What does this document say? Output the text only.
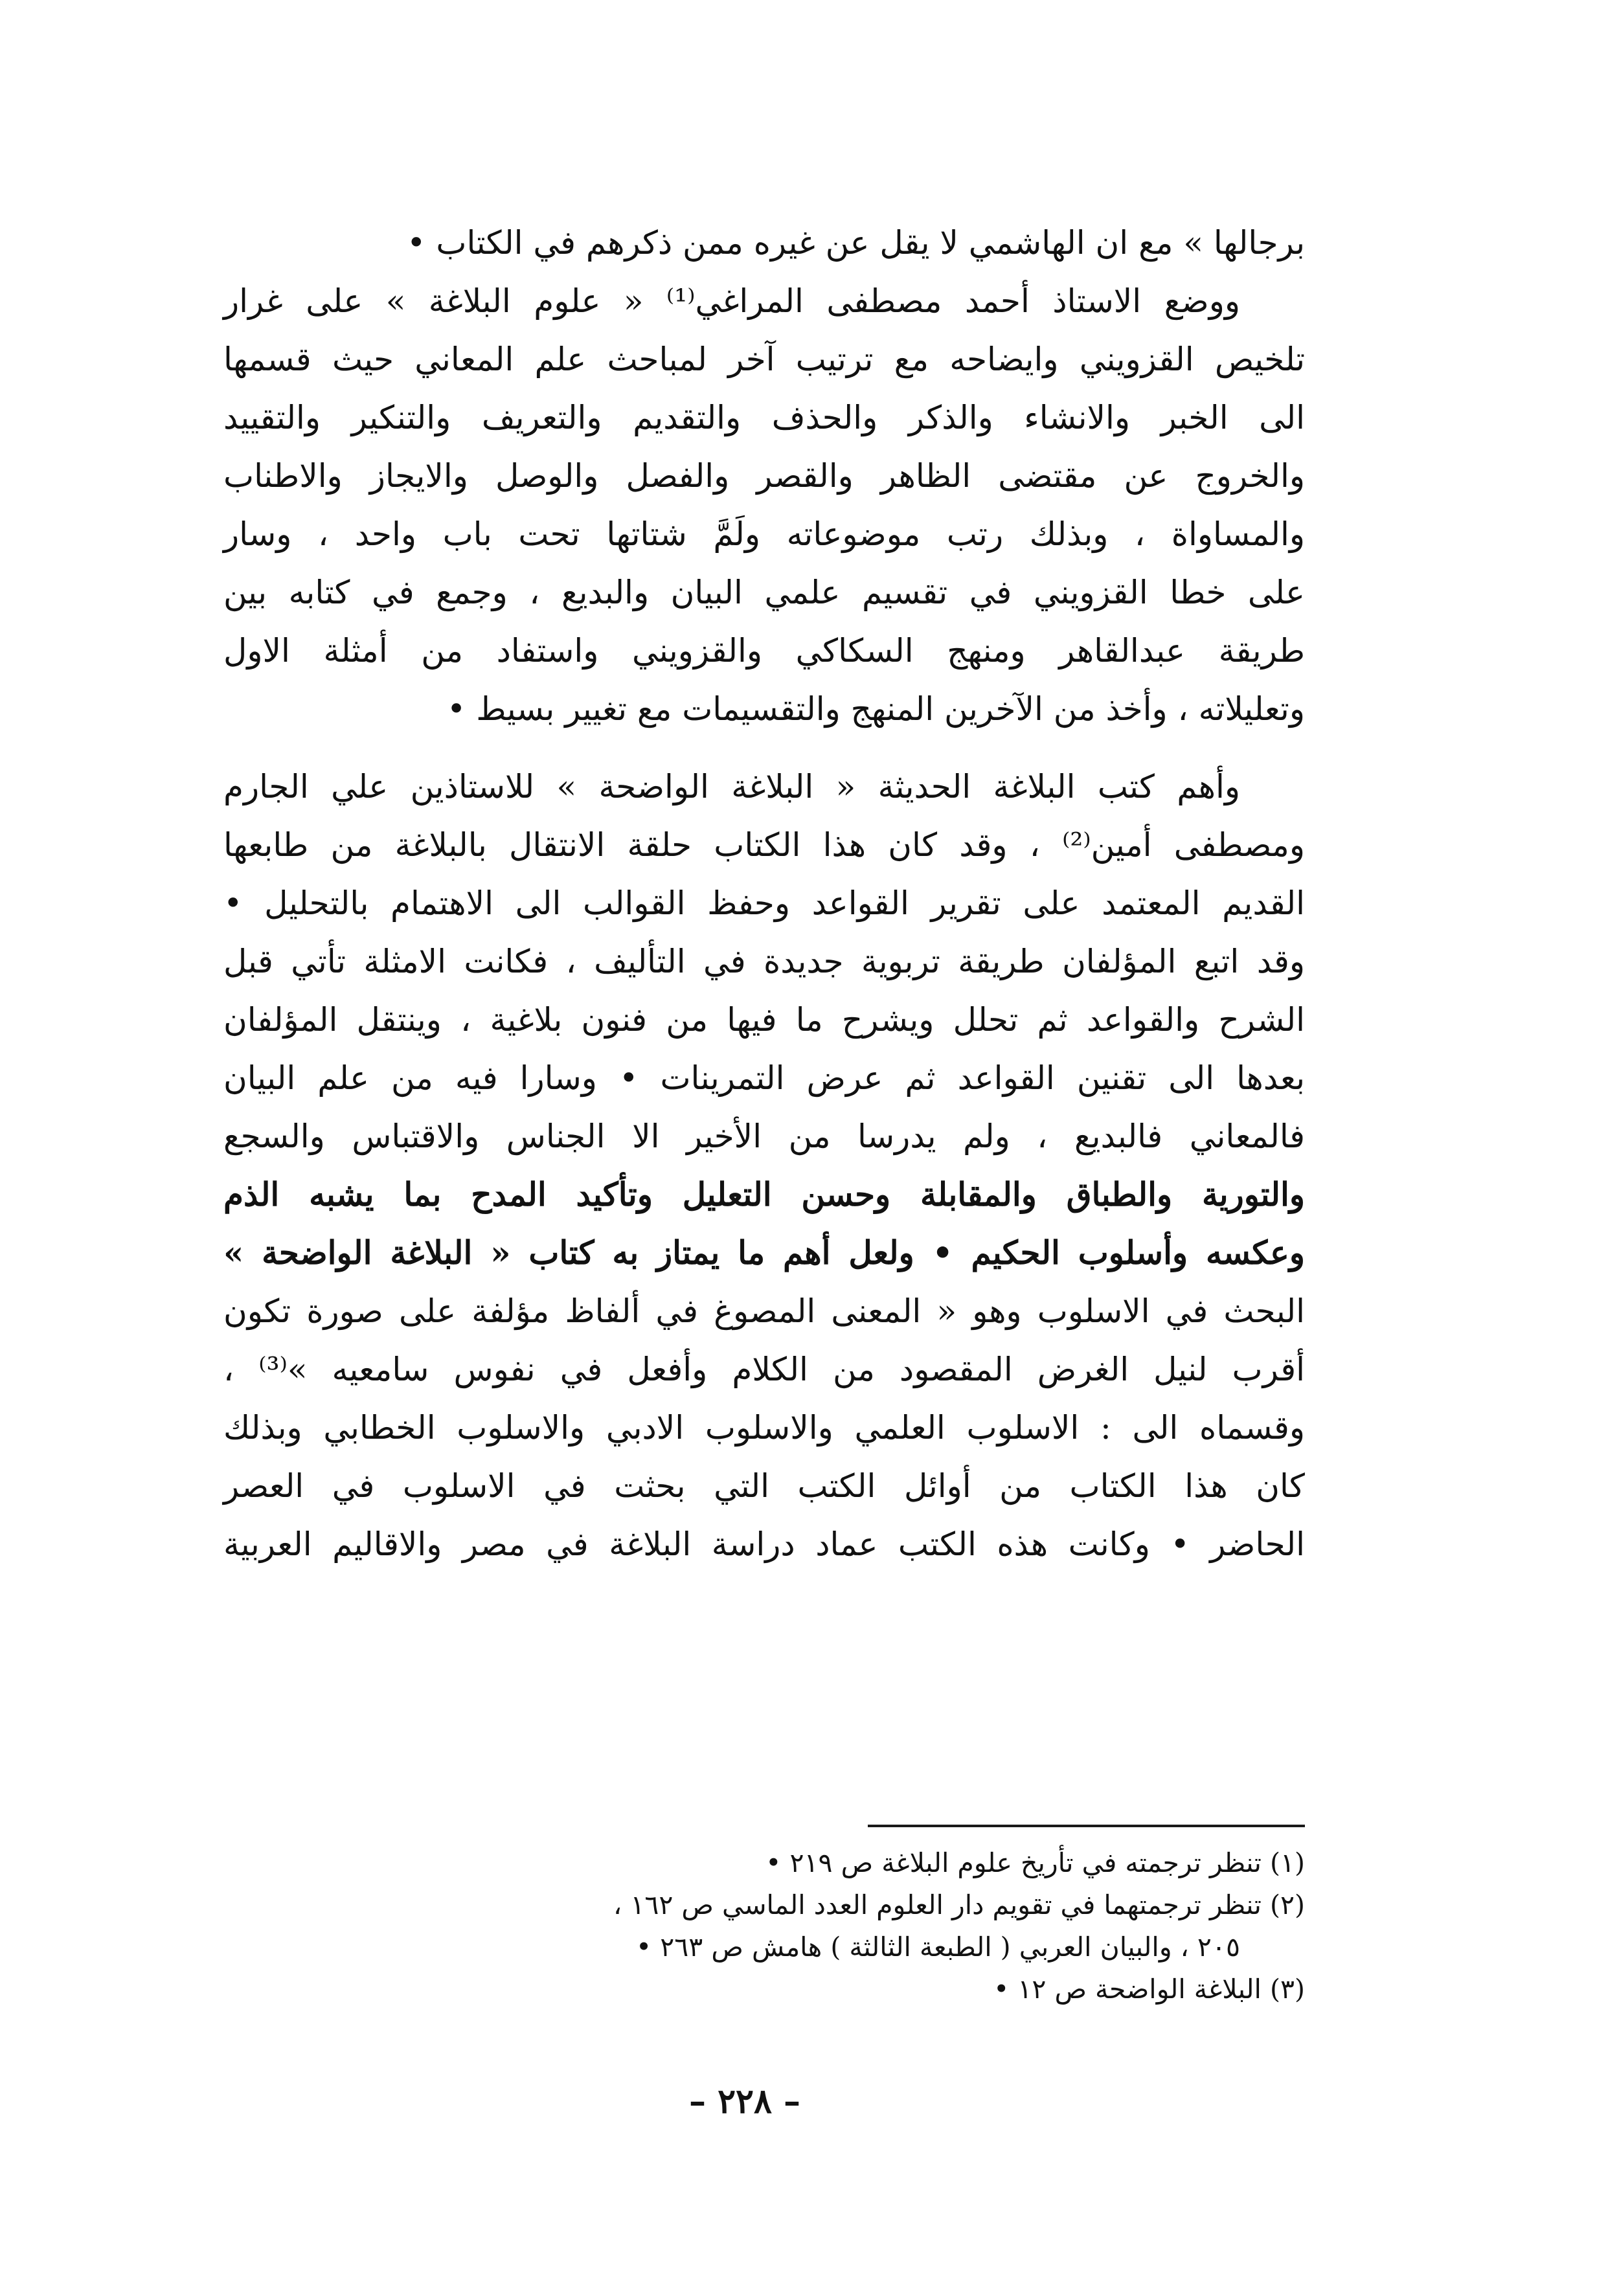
برجالها » مع ان الهاشمي لا يقل عن غيره ممن ذكرهم في الكتاب •
ووضع الاستاذ أحمد مصطفى المراغي⁽¹⁾ « علوم البلاغة » على غرار
تلخيص القزويني وايضاحه مع ترتيب آخر لمباحث علم المعاني حيث قسمها
الى الخبر والانشاء والذكر والحذف والتقديم والتعريف والتنكير والتقييد
والخروج عن مقتضى الظاهر والقصر والفصل والوصل والايجاز والاطناب
والمساواة ، وبذلك رتب موضوعاته ولَمَّ شتاتها تحت باب واحد ، وسار
على خطا القزويني في تقسيم علمي البيان والبديع ، وجمع في كتابه بين
طريقة عبدالقاهر ومنهج السكاكي والقزويني واستفاد من أمثلة الاول
وتعليلاته ، وأخذ من الآخرين المنهج والتقسيمات مع تغيير بسيط •
وأهم كتب البلاغة الحديثة « البلاغة الواضحة » للاستاذين علي الجارم
ومصطفى أمين⁽²⁾ ، وقد كان هذا الكتاب حلقة الانتقال بالبلاغة من طابعها
القديم المعتمد على تقرير القواعد وحفظ القوالب الى الاهتمام بالتحليل •
وقد اتبع المؤلفان طريقة تربوية جديدة في التأليف ، فكانت الامثلة تأتي قبل
الشرح والقواعد ثم تحلل ويشرح ما فيها من فنون بلاغية ، وينتقل المؤلفان
بعدها الى تقنين القواعد ثم عرض التمرينات • وسارا فيه من علم البيان
فالمعاني فالبديع ، ولم يدرسا من الأخير الا الجناس والاقتباس والسجع
والتورية والطباق والمقابلة وحسن التعليل وتأكيد المدح بما يشبه الذم
وعكسه وأسلوب الحكيم • ولعل أهم ما يمتاز به كتاب « البلاغة الواضحة »
البحث في الاسلوب وهو « المعنى المصوغ في ألفاظ مؤلفة على صورة تكون
أقرب لنيل الغرض المقصود من الكلام وأفعل في نفوس سامعيه »⁽³⁾ ،
وقسماه الى : الاسلوب العلمي والاسلوب الادبي والاسلوب الخطابي وبذلك
كان هذا الكتاب من أوائل الكتب التي بحثت في الاسلوب في العصر
الحاضر • وكانت هذه الكتب عماد دراسة البلاغة في مصر والاقاليم العربية
(١) تنظر ترجمته في تأريخ علوم البلاغة ص ٢١٩ •
(٢) تنظر ترجمتهما في تقويم دار العلوم العدد الماسي ص ١٦٢ ،
٢٠٥ ، والبيان العربي ( الطبعة الثالثة ) هامش ص ٢٦٣ •
(٣) البلاغة الواضحة ص ١٢ •
– ٢٢٨ –
